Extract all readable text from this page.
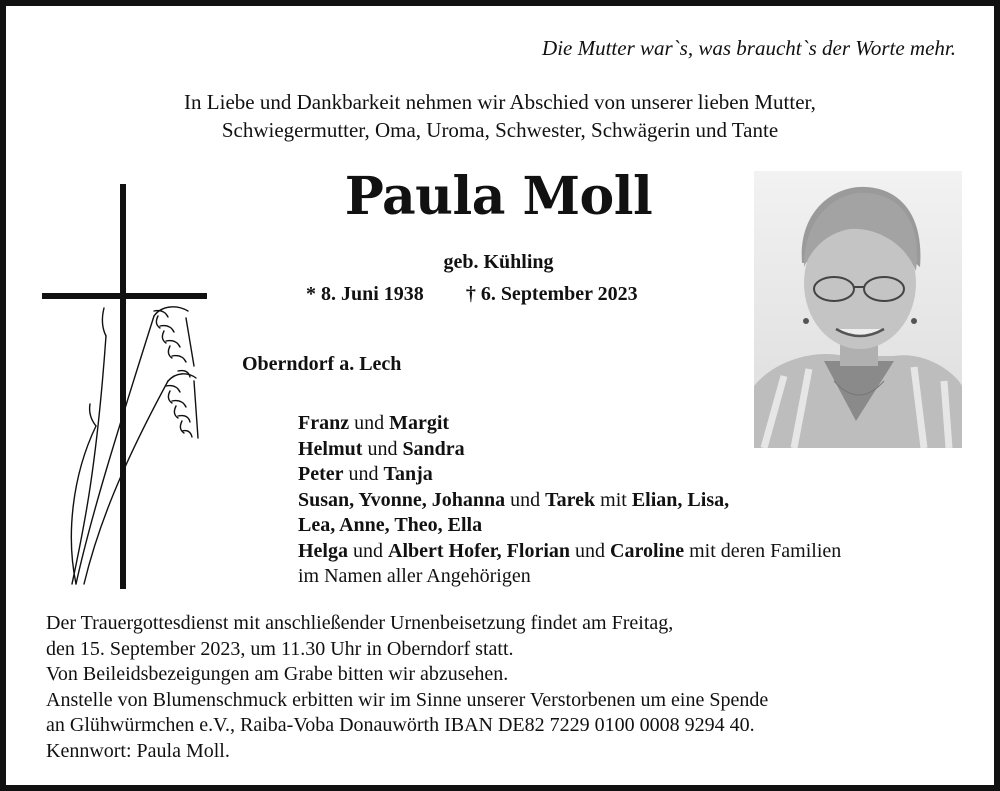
Die Mutter war`s, was braucht`s der Worte mehr.
In Liebe und Dankbarkeit nehmen wir Abschied von unserer lieben Mutter,
Schwiegermutter, Oma, Uroma, Schwester, Schwägerin und Tante
Paula Moll
geb. Kühling
* 8. Juni 1938 † 6. September 2023
Oberndorf a. Lech
Franz und Margit
Helmut und Sandra
Peter und Tanja
Susan, Yvonne, Johanna und Tarek mit Elian, Lisa,
Lea, Anne, Theo, Ella
Helga und Albert Hofer, Florian und Caroline mit deren Familien
im Namen aller Angehörigen
Der Trauergottesdienst mit anschließender Urnenbeisetzung findet am Freitag,
den 15. September 2023, um 11.30 Uhr in Oberndorf statt.
Von Beileidsbezeigungen am Grabe bitten wir abzusehen.
Anstelle von Blumenschmuck erbitten wir im Sinne unserer Verstorbenen um eine Spende
an Glühwürmchen e.V., Raiba-Voba Donauwörth IBAN DE82 7229 0100 0008 9294 40.
Kennwort: Paula Moll.
